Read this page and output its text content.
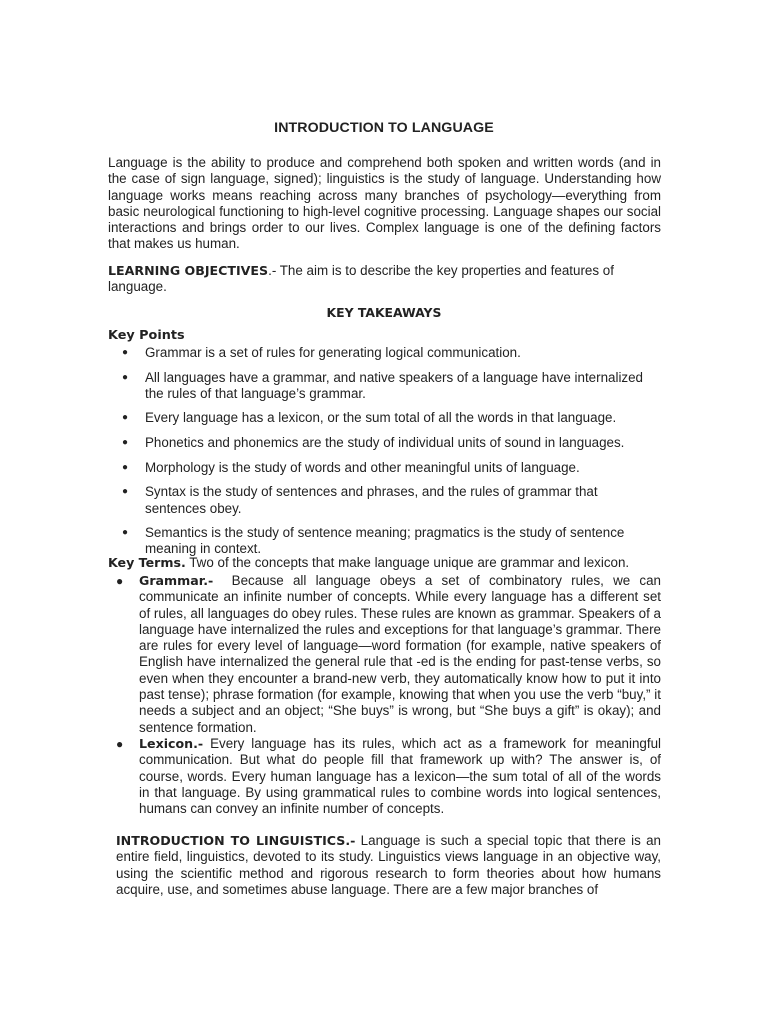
INTRODUCTION TO LANGUAGE

Language is the ability to produce and comprehend both spoken and written words (and in the case of sign language, signed); linguistics is the study of language. Understanding how language works means reaching across many branches of psychology—everything from basic neurological functioning to high-level cognitive processing. Language shapes our social interactions and brings order to our lives. Complex language is one of the defining factors that makes us human.

LEARNING OBJECTIVES.- The aim is to describe the key properties and features of language.

KEY TAKEAWAYS
Key Points
● Grammar is a set of rules for generating logical communication.
● All languages have a grammar, and native speakers of a language have internalized the rules of that language’s grammar.
● Every language has a lexicon, or the sum total of all the words in that language.
● Phonetics and phonemics are the study of individual units of sound in languages.
● Morphology is the study of words and other meaningful units of language.
● Syntax is the study of sentences and phrases, and the rules of grammar that sentences obey.
● Semantics is the study of sentence meaning; pragmatics is the study of sentence meaning in context.

Key Terms. Two of the concepts that make language unique are grammar and lexicon.

● Grammar.-  Because all language obeys a set of combinatory rules, we can communicate an infinite number of concepts. While every language has a different set of rules, all languages do obey rules. These rules are known as grammar. Speakers of a language have internalized the rules and exceptions for that language’s grammar. There are rules for every level of language—word formation (for example, native speakers of English have internalized the general rule that -ed is the ending for past-tense verbs, so even when they encounter a brand-new verb, they automatically know how to put it into past tense); phrase formation (for example, knowing that when you use the verb “buy,” it needs a subject and an object; “She buys” is wrong, but “She buys a gift” is okay); and sentence formation.
● Lexicon.- Every language has its rules, which act as a framework for meaningful communication. But what do people fill that framework up with? The answer is, of course, words. Every human language has a lexicon—the sum total of all of the words in that language. By using grammatical rules to combine words into logical sentences, humans can convey an infinite number of concepts.

INTRODUCTION TO LINGUISTICS.- Language is such a special topic that there is an entire field, linguistics, devoted to its study. Linguistics views language in an objective way, using the scientific method and rigorous research to form theories about how humans acquire, use, and sometimes abuse language. There are a few major branches of
